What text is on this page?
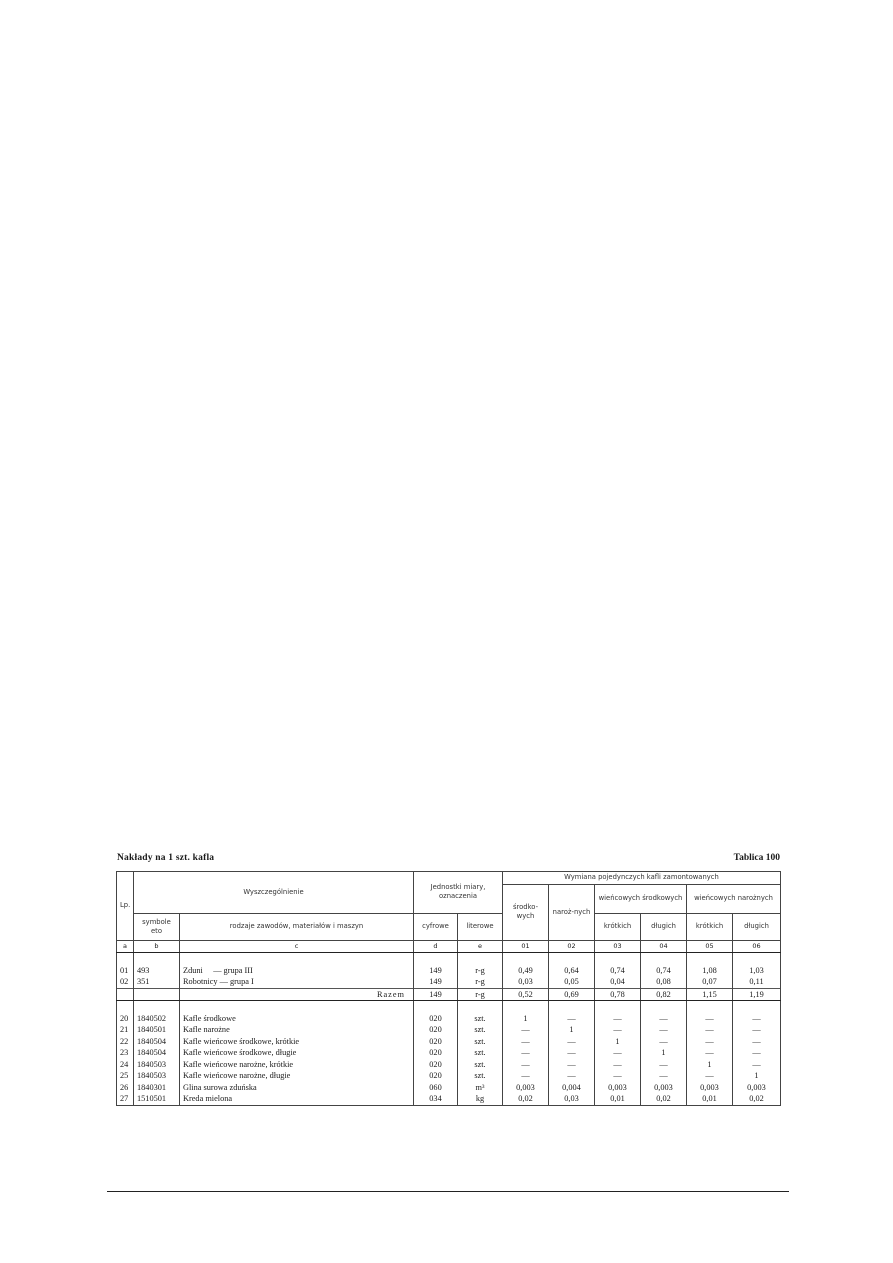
Nakłady na 1 szt. kafla	Tablica 100
Lp.	Wyszczególnienie		Jednostki miary, oznaczenia		Wymiana pojedynczych kafli zamontowanych					
					środko-wych	naroż-nych	wieńcowych środkowych		wieńcowych narożnych	
	symbole eto	rodzaje zawodów, materiałów i maszyn	cyfrowe	literowe			krótkich	długich	krótkich	długich
a	b	c	d	e	01	02	03	04	05	06

01	493	Zdunі     — grupa III	149	r-g	0,49	0,64	0,74	0,74	1,08	1,03
02	351	Robotnicy — grupa I	149	r-g	0,03	0,05	0,04	0,08	0,07	0,11
		Razem	149	r-g	0,52	0,69	0,78	0,82	1,15	1,19

20	1840502	Kafle środkowe	020	szt.	1	—	—	—	—	—
21	1840501	Kafle narożne	020	szt.	—	1	—	—	—	—
22	1840504	Kafle wieńcowe środkowe, krótkie	020	szt.	—	—	1	—	—	—
23	1840504	Kafle wieńcowe środkowe, długie	020	szt.	—	—	—	1	—	—
24	1840503	Kafle wieńcowe narożne, krótkie	020	szt.	—	—	—	—	1	—
25	1840503	Kafle wieńcowe narożne, długie	020	szt.	—	—	—	—	—	1
26	1840301	Glina surowa zduńska	060	m³	0,003	0,004	0,003	0,003	0,003	0,003
27	1510501	Kreda mielona	034	kg	0,02	0,03	0,01	0,02	0,01	0,02
